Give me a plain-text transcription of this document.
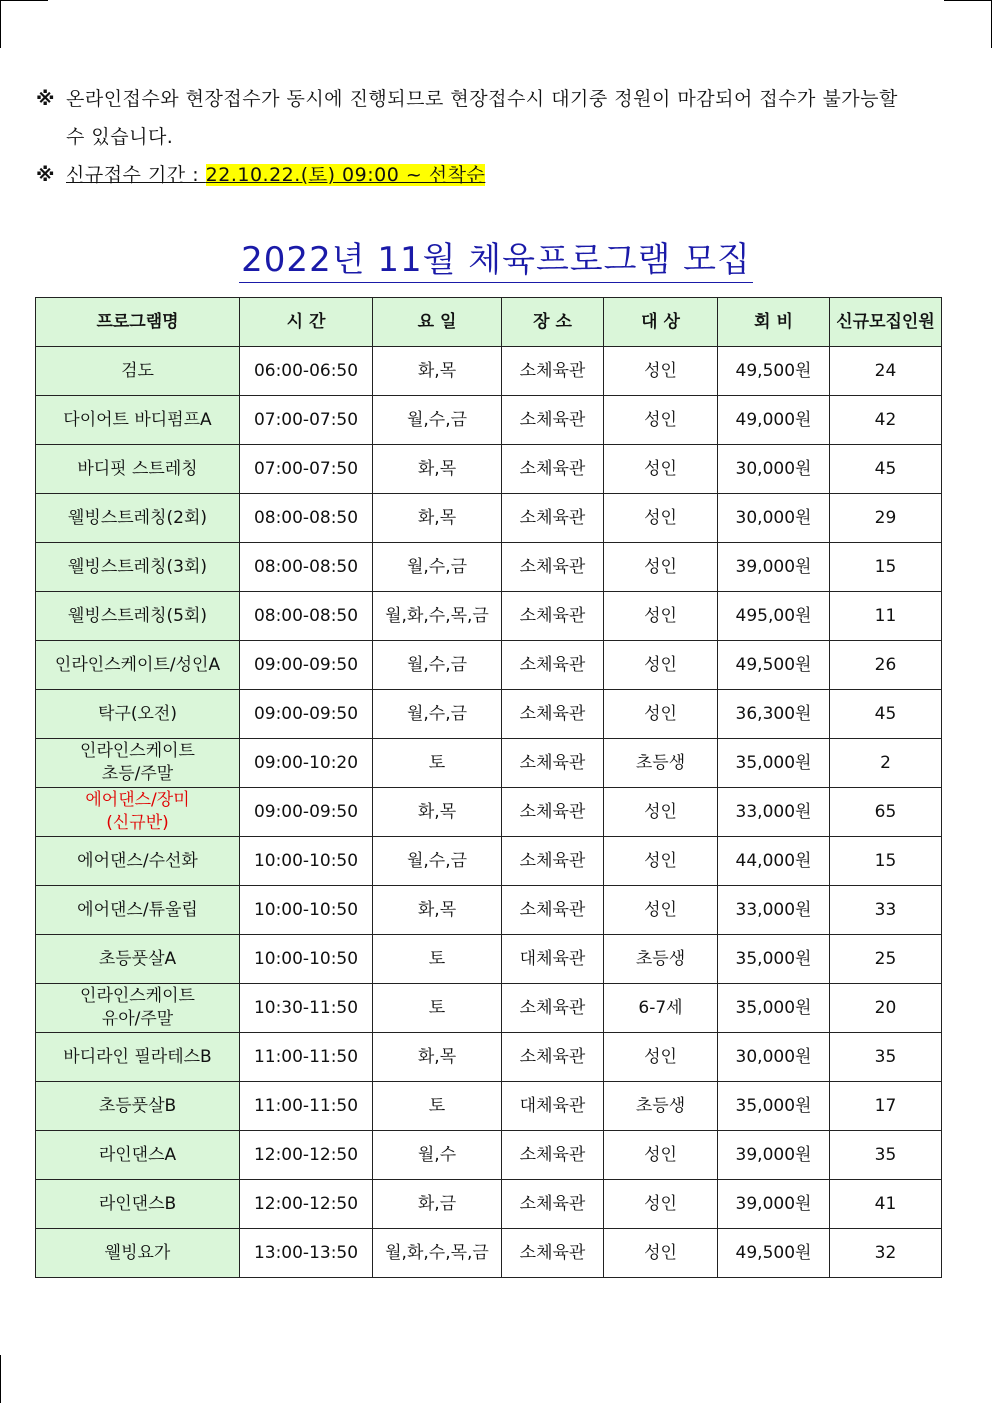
※ 온라인접수와 현장접수가 동시에 진행되므로 현장접수시 대기중 정원이 마감되어 접수가 불가능할
수 있습니다.
※ 신규접수 기간 : 22.10.22.(토) 09:00 ~ 선착순
2022년 11월 체육프로그램 모집
프로그램명	시 간	요 일	장 소	대 상	회 비	신규모집인원
검도	06:00-06:50	화,목	소체육관	성인	49,500원	24
다이어트 바디펌프A	07:00-07:50	월,수,금	소체육관	성인	49,000원	42
바디핏 스트레칭	07:00-07:50	화,목	소체육관	성인	30,000원	45
웰빙스트레칭(2회)	08:00-08:50	화,목	소체육관	성인	30,000원	29
웰빙스트레칭(3회)	08:00-08:50	월,수,금	소체육관	성인	39,000원	15
웰빙스트레칭(5회)	08:00-08:50	월,화,수,목,금	소체육관	성인	495,00원	11
인라인스케이트/성인A	09:00-09:50	월,수,금	소체육관	성인	49,500원	26
탁구(오전)	09:00-09:50	월,수,금	소체육관	성인	36,300원	45

인라인스케이트
초등/주말	09:00-10:20	토	소체육관	초등생	35,000원	2

에어댄스/장미
(신규반)	09:00-09:50	화,목	소체육관	성인	33,000원	65
에어댄스/수선화	10:00-10:50	월,수,금	소체육관	성인	44,000원	15
에어댄스/튜울립	10:00-10:50	화,목	소체육관	성인	33,000원	33
초등풋살A	10:00-10:50	토	대체육관	초등생	35,000원	25

인라인스케이트
유아/주말	10:30-11:50	토	소체육관	6-7세	35,000원	20
바디라인 필라테스B	11:00-11:50	화,목	소체육관	성인	30,000원	35
초등풋살B	11:00-11:50	토	대체육관	초등생	35,000원	17
라인댄스A	12:00-12:50	월,수	소체육관	성인	39,000원	35
라인댄스B	12:00-12:50	화,금	소체육관	성인	39,000원	41
웰빙요가	13:00-13:50	월,화,수,목,금	소체육관	성인	49,500원	32
